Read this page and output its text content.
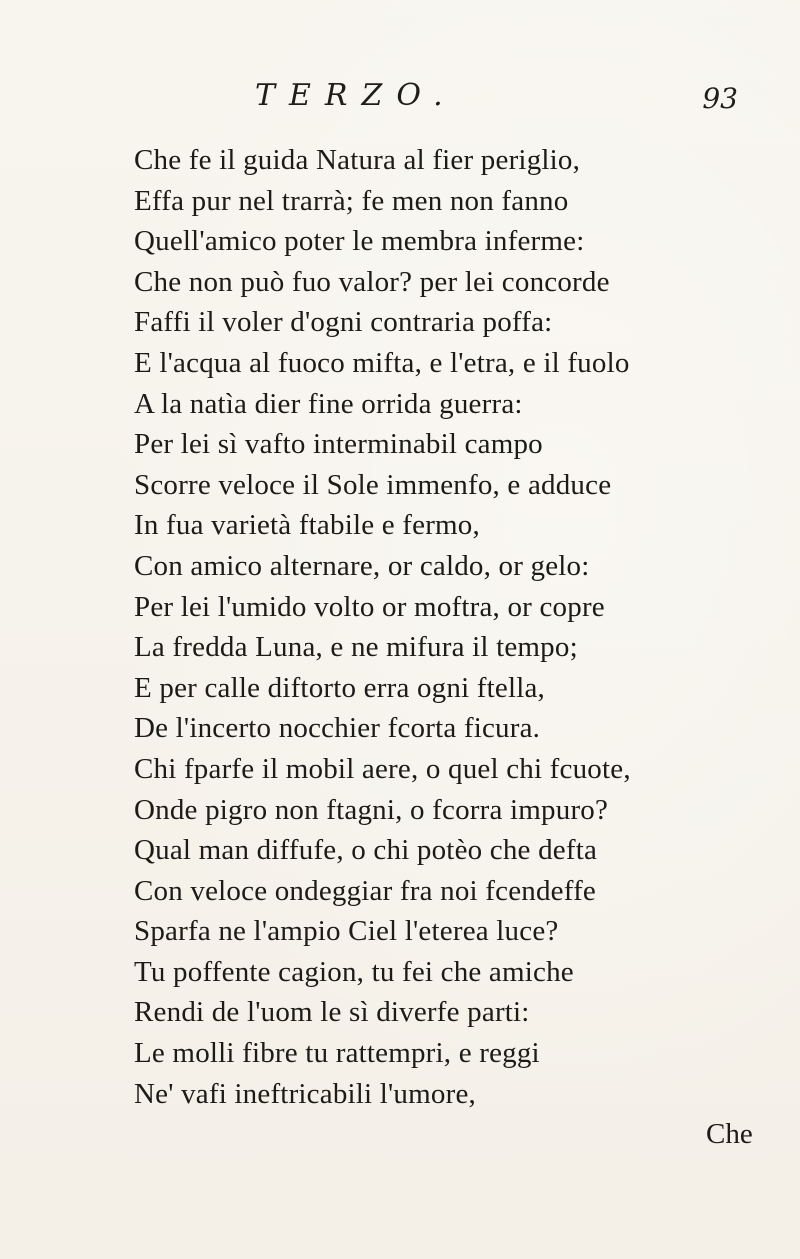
TERZO.	93
Che fe il guida Natura al fier periglio,
Effa pur nel trarrà; fe men non fanno
Quell'amico poter le membra inferme:
Che non può fuo valor? per lei concorde
Faffi il voler d'ogni contraria poffa:
E l'acqua al fuoco mifta, e l'etra, e il fuolo
A la natìa dier fine orrida guerra:
Per lei sì vafto interminabil campo
Scorre veloce il Sole immenfo, e adduce
In fua varietà ftabile e fermo,
Con amico alternare, or caldo, or gelo:
Per lei l'umido volto or moftra, or copre
La fredda Luna, e ne mifura il tempo;
E per calle diftorto erra ogni ftella,
De l'incerto nocchier fcorta ficura.
Chi fparfe il mobil aere, o quel chi fcuote,
Onde pigro non ftagni, o fcorra impuro?
Qual man diffufe, o chi potèo che defta
Con veloce ondeggiar fra noi fcendeffe
Sparfa ne l'ampio Ciel l'eterea luce?
Tu poffente cagion, tu fei che amiche
Rendi de l'uom le sì diverfe parti:
Le molli fibre tu rattempri, e reggi
Ne' vafi ineftricabili l'umore,
Che
